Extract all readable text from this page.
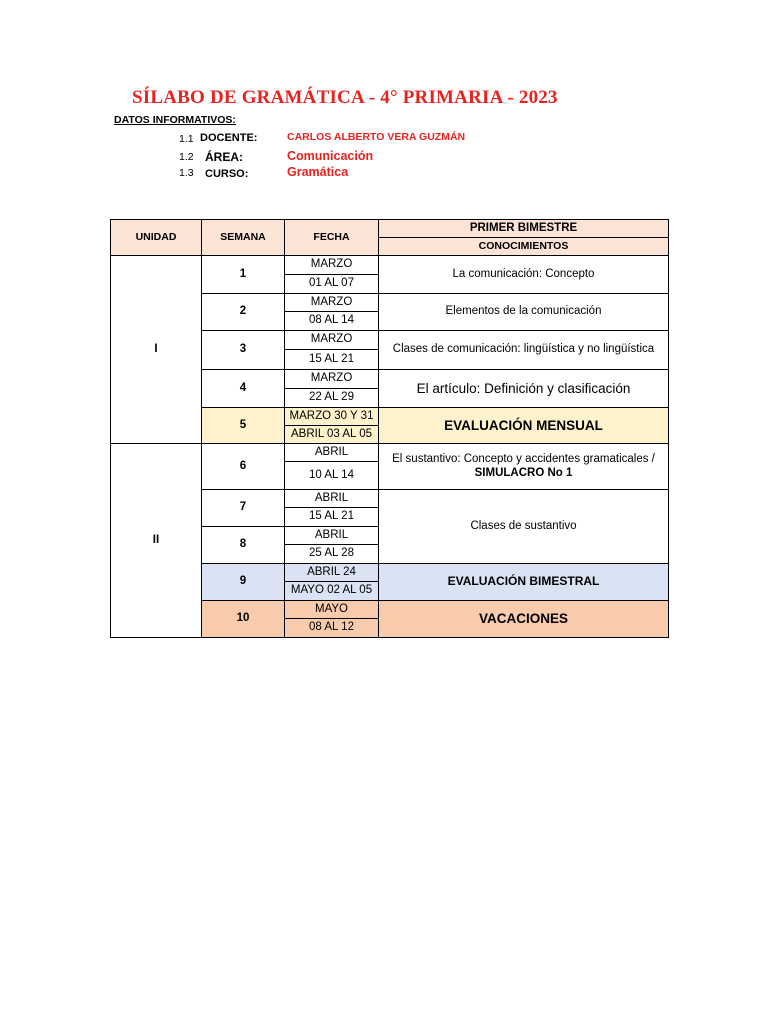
SÍLABO DE GRAMÁTICA - 4° PRIMARIA - 2023
DATOS INFORMATIVOS:
1.1 DOCENTE:	CARLOS ALBERTO VERA GUZMÁN
1.2 ÁREA:	Comunicación
1.3 CURSO:	Gramática
UNIDAD	SEMANA	FECHA	PRIMER BIMESTRE
			CONOCIMIENTOS
I	1	MARZO	La comunicación: Concepto
		01 AL 07	
	2	MARZO	Elementos de la comunicación
		08 AL 14	
	3	MARZO	Clases de comunicación: lingüística y no lingüística
		15 AL 21	
	4	MARZO	El artículo: Definición y clasificación
		22 AL 29	
	5	MARZO 30 Y 31	EVALUACIÓN MENSUAL
		ABRIL 03 AL 05	
II	6	ABRIL	El sustantivo: Concepto y accidentes gramaticales /
SIMULACRO No 1

		10 AL 14	
	7	ABRIL	Clases de sustantivo
		15 AL 21	
	8	ABRIL	
		25 AL 28	
	9	ABRIL 24	EVALUACIÓN BIMESTRAL
		MAYO 02 AL 05	
	10	MAYO	VACACIONES
		08 AL 12	
